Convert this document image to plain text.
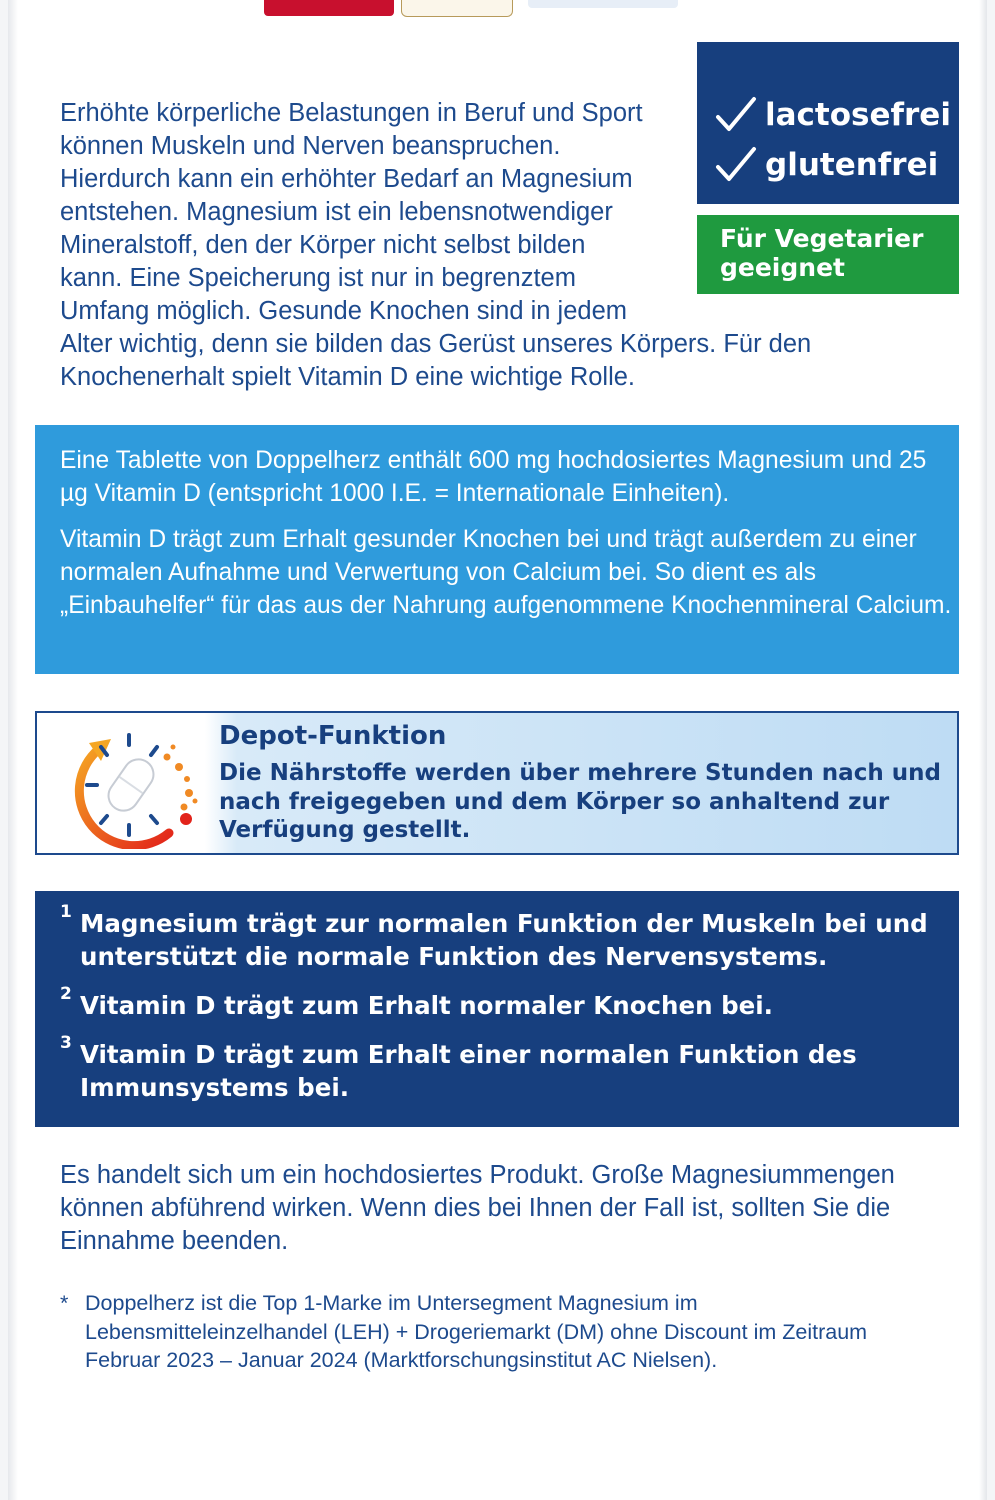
Erhöhte körperliche Belastungen in Beruf und Sport können Muskeln und Nerven beanspruchen. Hierdurch kann ein erhöhter Bedarf an Magnesium entstehen. Magnesium ist ein lebensnotwendiger Mineralstoff, den der Körper nicht selbst bilden kann. Eine Speicherung ist nur in begrenztem Umfang möglich. Gesunde Knochen sind in jedem Alter wichtig, denn sie bilden das Gerüst unseres Körpers. Für den Knochenerhalt spielt Vitamin D eine wichtige Rolle.

lactosefrei
glutenfrei
Für Vegetarier
geeignet

Eine Tablette von Doppelherz enthält 600 mg hochdosiertes Magnesium und 25 µg Vitamin D (entspricht 1000 I.E. = Internationale Einheiten).

Vitamin D trägt zum Erhalt gesunder Knochen bei und trägt außerdem zu einer normalen Aufnahme und Verwertung von Calcium bei. So dient es als „Einbauhelfer“ für das aus der Nahrung aufgenommene Knochenmineral Calcium.

Depot-Funktion
Die Nährstoffe werden über mehrere Stunden nach und nach freigegeben und dem Körper so anhaltend zur Verfügung gestellt.
1 Magnesium trägt zur normalen Funktion der Muskeln bei und unterstützt die normale Funktion des Nervensystems.
2 Vitamin D trägt zum Erhalt normaler Knochen bei.
3 Vitamin D trägt zum Erhalt einer normalen Funktion des Immunsystems bei.

Es handelt sich um ein hochdosiertes Produkt. Große Magnesiummengen können abführend wirken. Wenn dies bei Ihnen der Fall ist, sollten Sie die Einnahme beenden.

* Doppelherz ist die Top 1-Marke im Untersegment Magnesium im Lebensmitteleinzelhandel (LEH) + Drogeriemarkt (DM) ohne Discount im Zeitraum Februar 2023 – Januar 2024 (Marktforschungsinstitut AC Nielsen).
